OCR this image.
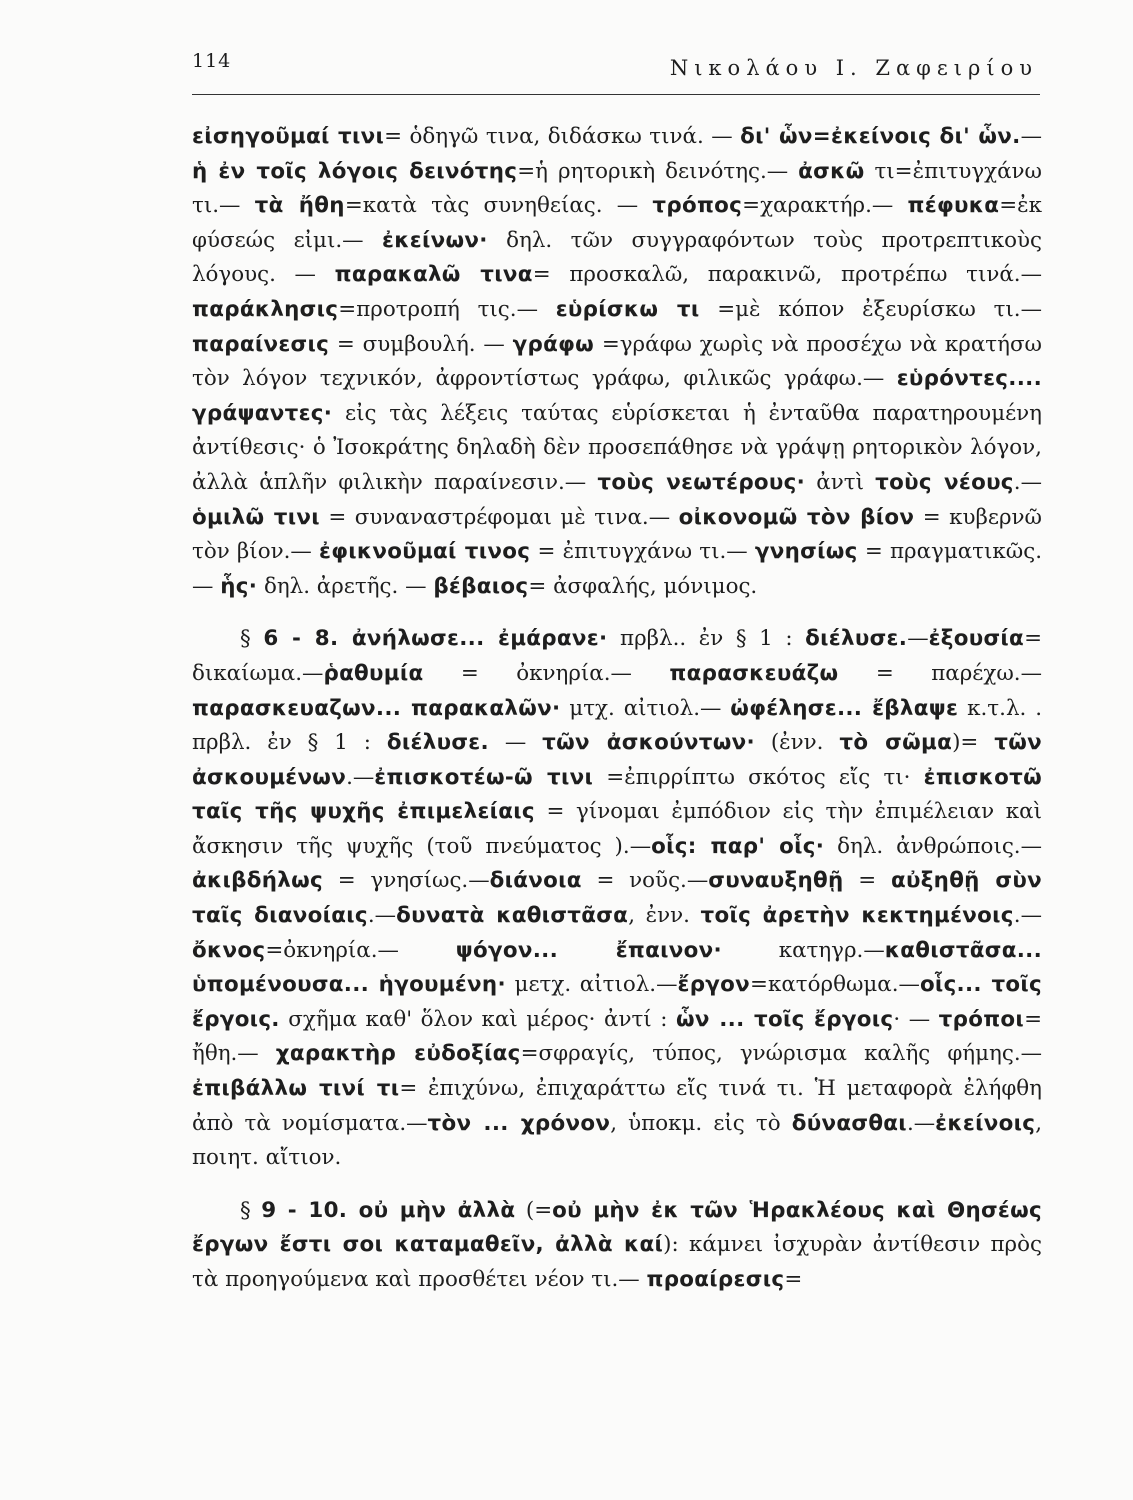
114	Νικολάου Ι. Ζαφειρίου

εἰσηγοῦμαί τινι= ὁδηγῶ τινα, διδάσκω τινά. — δι' ὧν=ἐκείνοις δι' ὧν.— ἡ ἐν τοῖς λόγοις δεινότης=ἡ ρητορικὴ δεινότης.— ἀσκῶ τι=ἐπιτυγχάνω τι.— τὰ ἤθη=κατὰ τὰς συνηθείας. — τρόπος=χαρακτήρ.— πέφυκα=ἐκ φύσεώς εἰμι.— ἐκείνων· δηλ. τῶν συγγραφόντων τοὺς προτρεπτικοὺς λόγους. — παρακαλῶ τινα= προσκαλῶ, παρακινῶ, προτρέπω τινά.—παράκλησις=προτροπή τις.— εὑρίσκω τι =μὲ κόπον ἐξευρίσκω τι.— παραίνεσις = συμβουλή. — γράφω =γράφω χωρὶς νὰ προσέχω νὰ κρατήσω τὸν λόγον τεχνικόν, ἀφροντίστως γράφω, φιλικῶς γράφω.— εὑρόντες.... γράψαντες· εἰς τὰς λέξεις ταύτας εὑρίσκεται ἡ ἐνταῦθα παρατηρουμένη ἀντίθεσις· ὁ Ἰσοκράτης δηλαδὴ δὲν προσεπάθησε νὰ γράψῃ ρητορικὸν λόγον, ἀλλὰ ἁπλῆν φιλικὴν παραίνεσιν.— τοὺς νεωτέρους· ἀντὶ τοὺς νέους.— ὁμιλῶ τινι = συναναστρέφομαι μὲ τινα.— οἰκονομῶ τὸν βίον = κυβερνῶ τὸν βίον.— ἐφικνοῦμαί τινος = ἐπιτυγχάνω τι.— γνησίως = πραγματικῶς. — ἧς· δηλ. ἀρετῆς. — βέβαιος= ἀσφαλής, μόνιμος.

§ 6 - 8. ἀνήλωσε... ἐμάρανε· πρβλ.. ἐν § 1 : διέλυσε.—ἐξουσία= δικαίωμα.—ῥαθυμία = ὀκνηρία.— παρασκευάζω = παρέχω.— παρασκευαζων... παρακαλῶν· μτχ. αἰτιολ.— ὠφέλησε... ἔβλαψε κ.τ.λ. . πρβλ. ἐν § 1 : διέλυσε. — τῶν ἀσκούντων· (ἐνν. τὸ σῶμα)= τῶν ἀσκουμένων.—ἐπισκοτέω-ῶ τινι =ἐπιρρίπτω σκότος εἴς τι· ἐπισκοτῶ ταῖς τῆς ψυχῆς ἐπιμελείαις = γίνομαι ἐμπόδιον εἰς τὴν ἐπιμέλειαν καὶ ἄσκησιν τῆς ψυχῆς (τοῦ πνεύματος ).—οἷς: παρ' οἷς· δηλ. ἀνθρώποις.—ἀκιβδήλως = γνησίως.—διάνοια = νοῦς.—συναυξηθῇ = αὐξηθῇ σὺν ταῖς διανοίαις.—δυνατὰ καθιστᾶσα, ἐνν. τοῖς ἀρετὴν κεκτημένοις.—ὄκνος=ὀκνηρία.— ψόγον... ἔπαινον· κατηγρ.—καθιστᾶσα... ὑπομένουσα... ἡγουμένη· μετχ. αἰτιολ.—ἔργον=κατόρθωμα.—οἷς... τοῖς ἔργοις. σχῆμα καθ' ὅλον καὶ μέρος· ἀντί : ὧν ... τοῖς ἔργοις· — τρόποι= ἤθη.— χαρακτὴρ εὐδοξίας=σφραγίς, τύπος, γνώρισμα καλῆς φήμης.—ἐπιβάλλω τινί τι= ἐπιχύνω, ἐπιχαράττω εἴς τινά τι. Ἡ μεταφορὰ ἐλήφθη ἀπὸ τὰ νομίσματα.—τὸν ... χρόνον, ὑποκμ. εἰς τὸ δύνασθαι.—ἐκείνοις, ποιητ. αἴτιον.

§ 9 - 10. οὐ μὴν ἀλλὰ (=οὐ μὴν ἐκ τῶν Ἡρακλέους καὶ Θησέως ἔργων ἔστι σοι καταμαθεῖν, ἀλλὰ καί): κάμνει ἰσχυρὰν ἀντίθεσιν πρὸς τὰ προηγούμενα καὶ προσθέτει νέον τι.— προαίρεσις=
